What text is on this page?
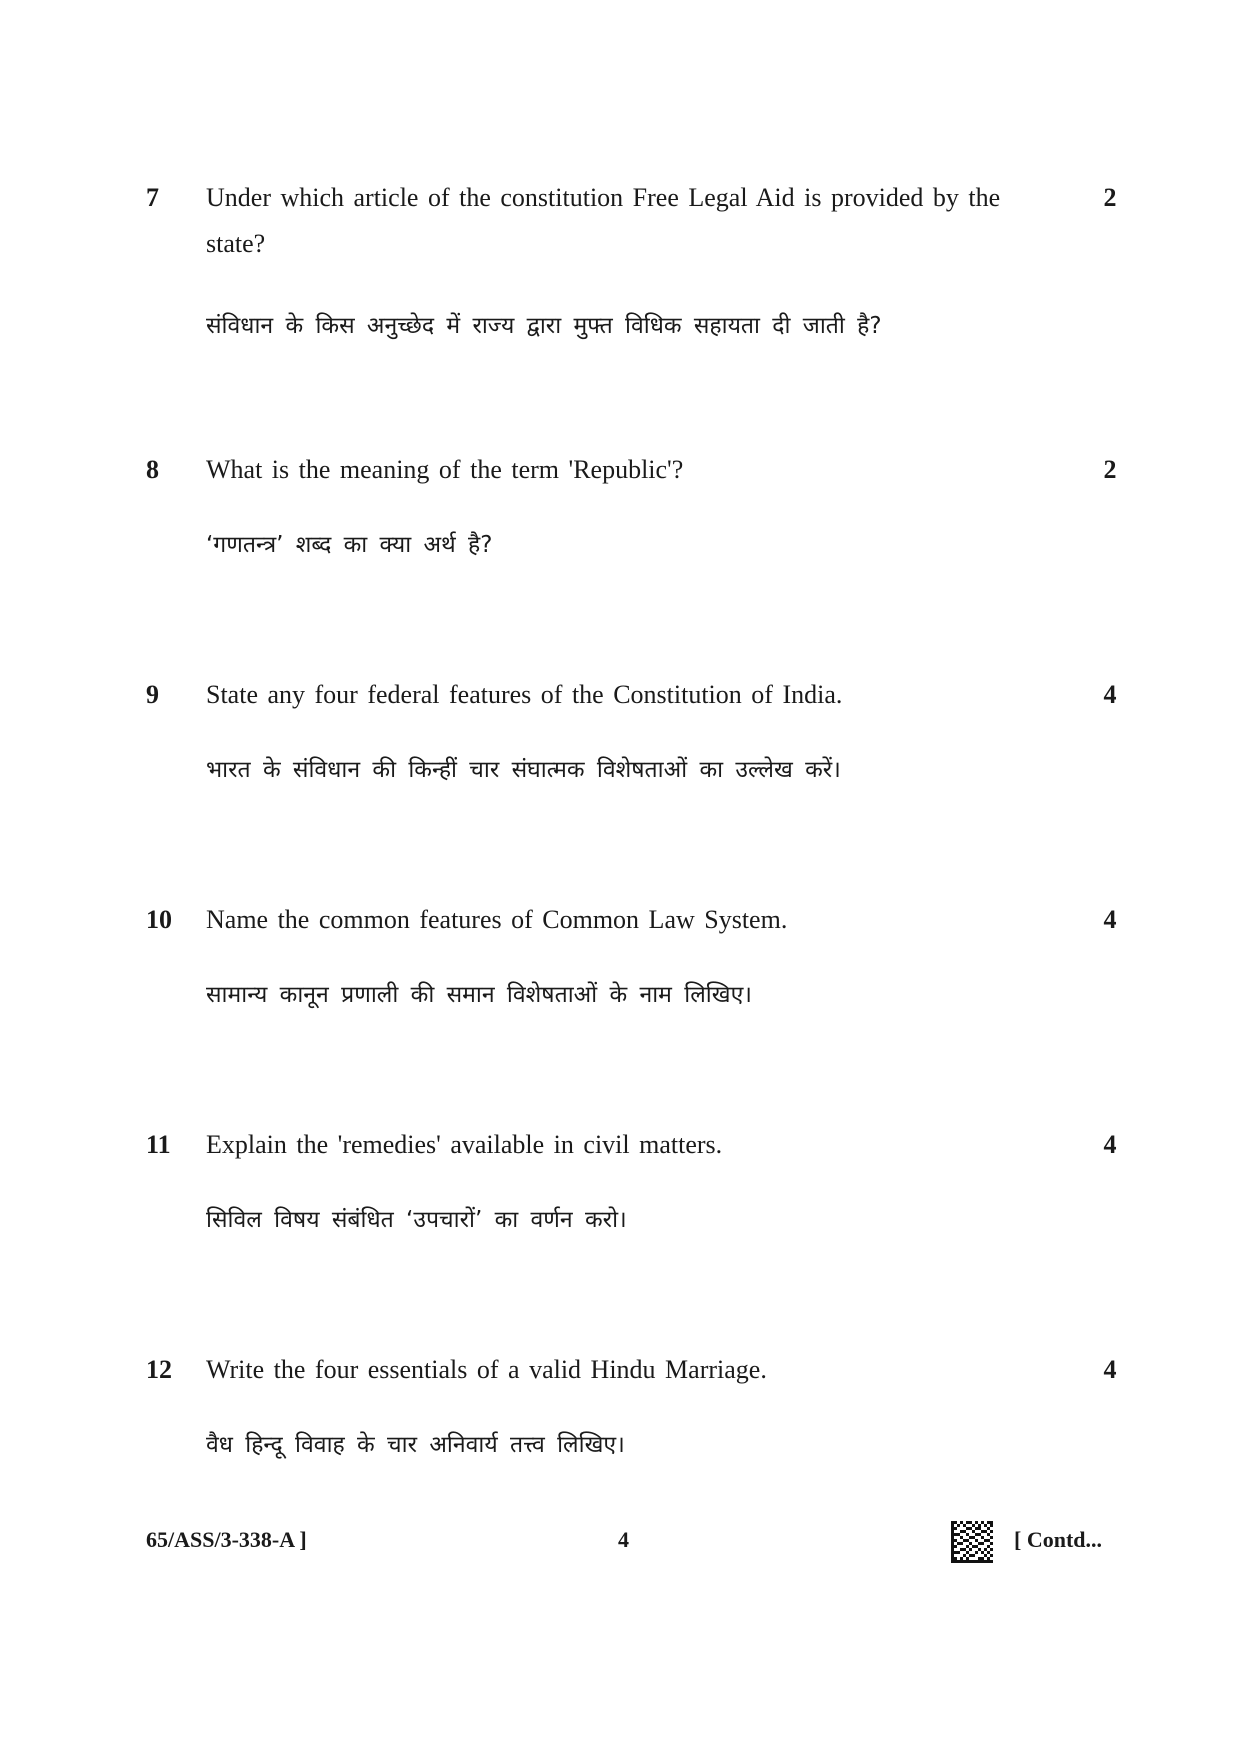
7 Under which article of the constitution Free Legal Aid is provided by the state?
संविधान के किस अनुच्छेद में राज्य द्वारा मुफ्त विधिक सहायता दी जाती है?
2
8 What is the meaning of the term 'Republic'?
‘गणतन्त्र’ शब्द का क्या अर्थ है?
2
9 State any four federal features of the Constitution of India.
भारत के संविधान की किन्हीं चार संघात्मक विशेषताओं का उल्लेख करें।
4
10 Name the common features of Common Law System.
सामान्य कानून प्रणाली की समान विशेषताओं के नाम लिखिए।
4
11 Explain the 'remedies' available in civil matters.
सिविल विषय संबंधित ‘उपचारों’ का वर्णन करो।
4
12 Write the four essentials of a valid Hindu Marriage.
वैध हिन्दू विवाह के चार अनिवार्य तत्त्व लिखिए।
4
65/ASS/3-338-A ]	4	[ Contd...
